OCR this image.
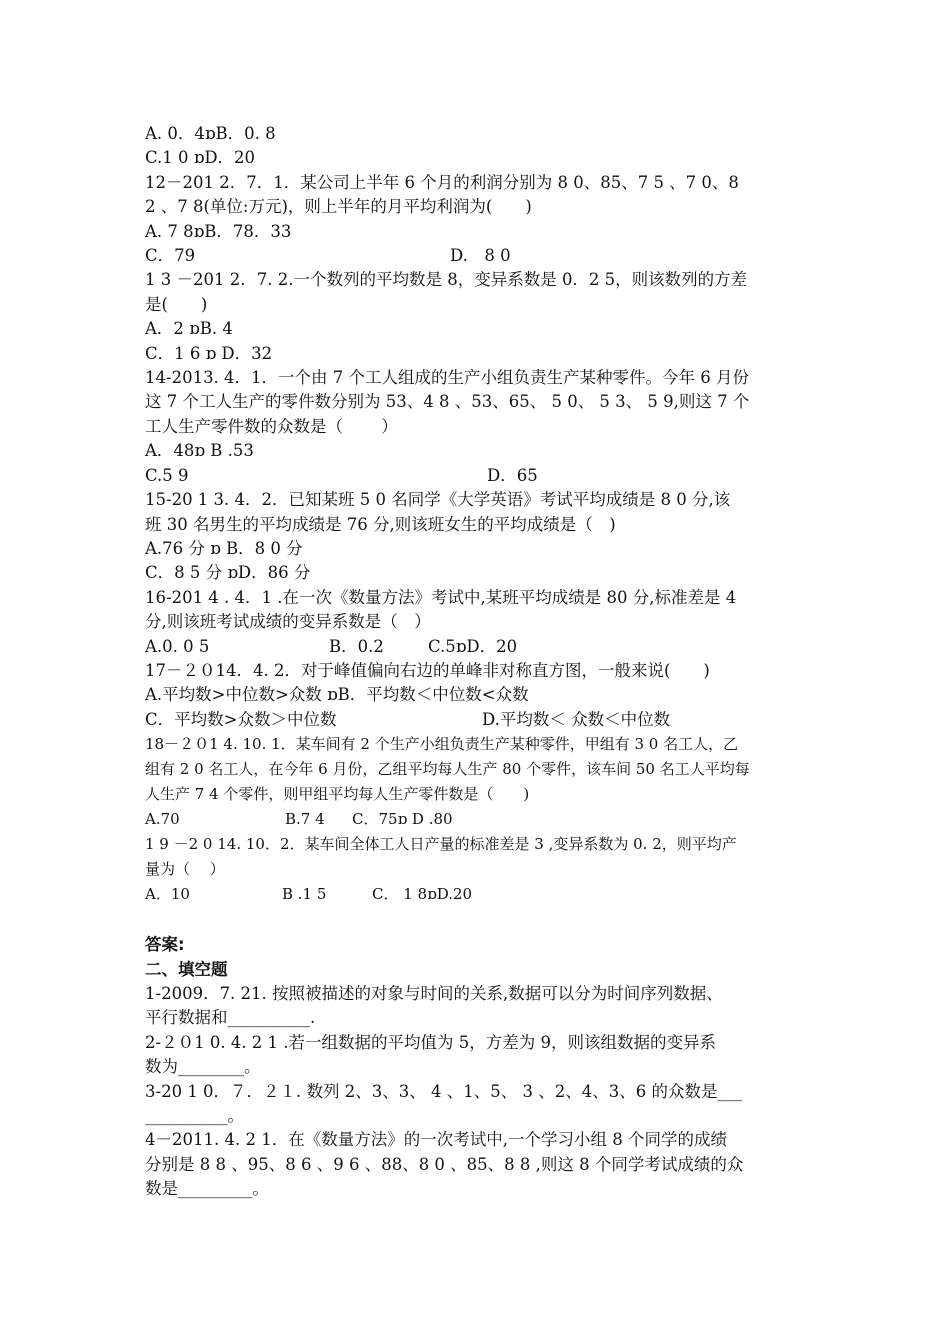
A. 0．4ɒB．0. 8
C.1 0 ɒD．20
12－201 2．7．1．某公司上半年 6 个月的利润分别为 8 0、85、7 5 、7 0、8
2 、7 8(单位:万元)，则上半年的月平均利润为(　　)
A. 7 8ɒB．78．33
C．79	D.　8 0
1 3 －201 2．7. 2.一个数列的平均数是 8，变异系数是 0．2 5，则该数列的方差
是(　　)
A．2 ɒB. 4
C．1 6 ɒ D．32
14-2013. 4．1．一个由 7 个工人组成的生产小组负责生产某种零件。今年 6 月份
这 7 个工人生产的零件数分别为 53、4 8 、53、65、 5 0、 5 3、 5 9,则这 7 个
工人生产零件数的众数是（　　 ）
A．48ɒ B .53
C.5 9	D．65
15-20 1 3. 4．2．已知某班 5 0 名同学《大学英语》考试平均成绩是 8 0 分,该
班 30 名男生的平均成绩是 76 分,则该班女生的平均成绩是（　)
A.76 分 ɒ B．8 0 分
C．8 5 分 ɒD．86 分
16-201 4 . 4．1 .在一次《数量方法》考试中,某班平均成绩是 80 分,标准差是 4
分,则该班考试成绩的变异系数是（　）
A.0. 0 5	B．0.2	C.5ɒD．20
17－２０14．4. 2．对于峰值偏向右边的单峰非对称直方图，一般来说(　　)
A.平均数>中位数>众数 ɒB．平均数＜中位数<众数
C．平均数>众数＞中位数	D.平均数＜ 众数＜中位数
18－２０1 4. 10. 1．某车间有 2 个生产小组负责生产某种零件，甲组有 3 0 名工人，乙
组有 2 0 名工人，在今年 6 月份，乙组平均每人生产 80 个零件，该车间 50 名工人平均每
人生产 7 4 个零件，则甲组平均每人生产零件数是（　　)
A.70	B.7 4	C．75ɒ D .80
1 9 －2 0 14. 10．2．某车间全体工人日产量的标准差是 3 ,变异系数为 0. 2，则平均产
量为（　 ）
A．10	B .1 5	C． 1 8ɒD.20
答案:
二、填空题
1-2009．7. 21. 按照被描述的对象与时间的关系,数据可以分为时间序列数据、
平行数据和__________.
2-２０1 0. 4. 2 1 .若一组数据的平均值为 5，方差为 9，则该组数据的变异系
数为________。
3-20 1 0．７．２１. 数列 2、3、3、 4 、1、5、 3 、2、4、3、6 的众数是___
__________。
4－2011. 4. 2 1．在《数量方法》的一次考试中,一个学习小组 8 个同学的成绩
分别是 8 8 、95、8 6 、9 6 、88、8 0 、85、8 8 ,则这 8 个同学考试成绩的众
数是_________。
